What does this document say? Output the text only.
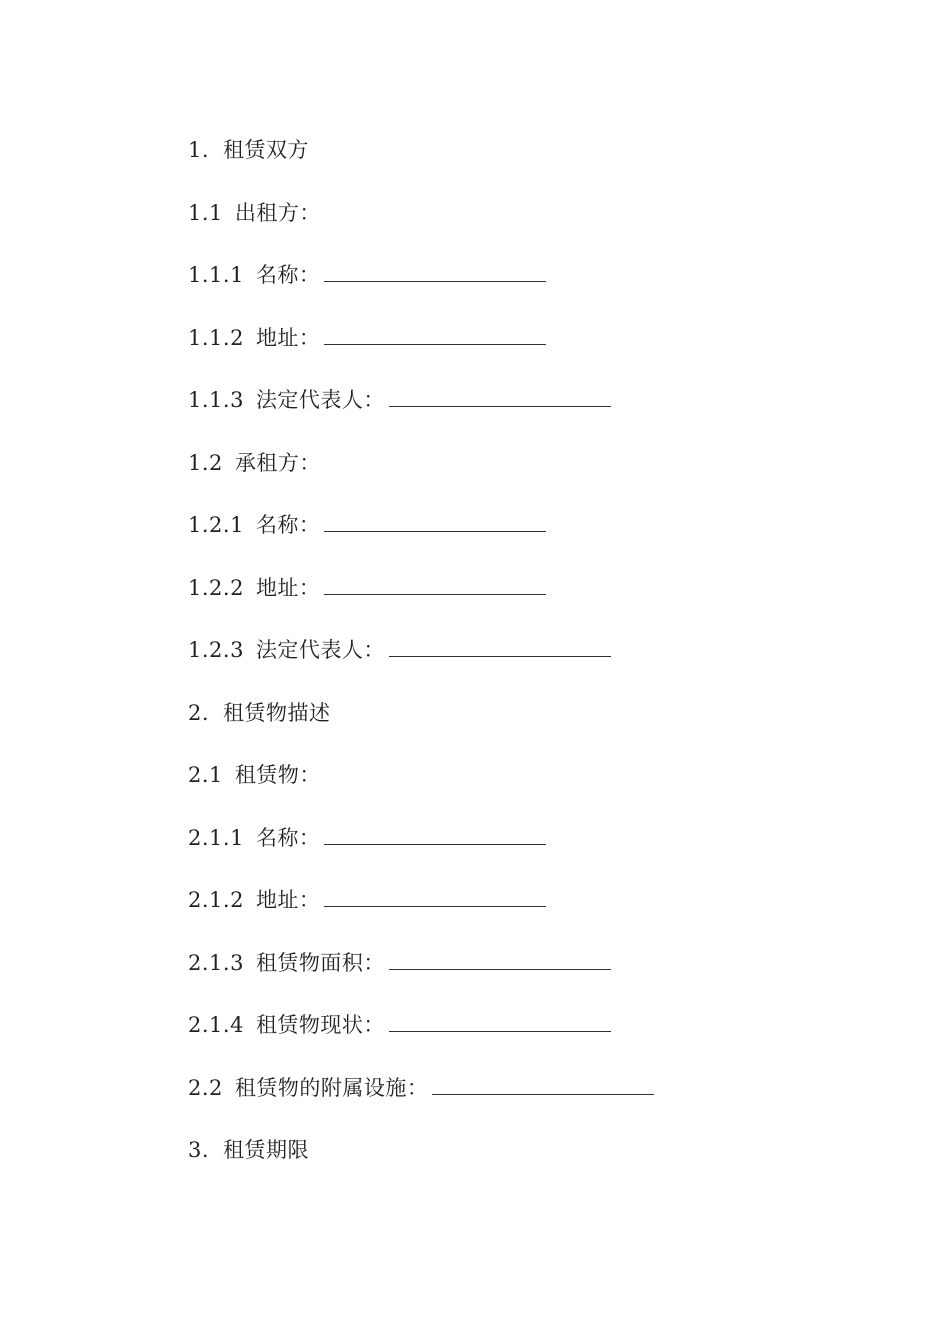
1. 租赁双方
1.1 出租方：
1.1.1 名称：
1.1.2 地址：
1.1.3 法定代表人：
1.2 承租方：
1.2.1 名称：
1.2.2 地址：
1.2.3 法定代表人：
2. 租赁物描述
2.1 租赁物：
2.1.1 名称：
2.1.2 地址：
2.1.3 租赁物面积：
2.1.4 租赁物现状：
2.2 租赁物的附属设施：
3. 租赁期限
